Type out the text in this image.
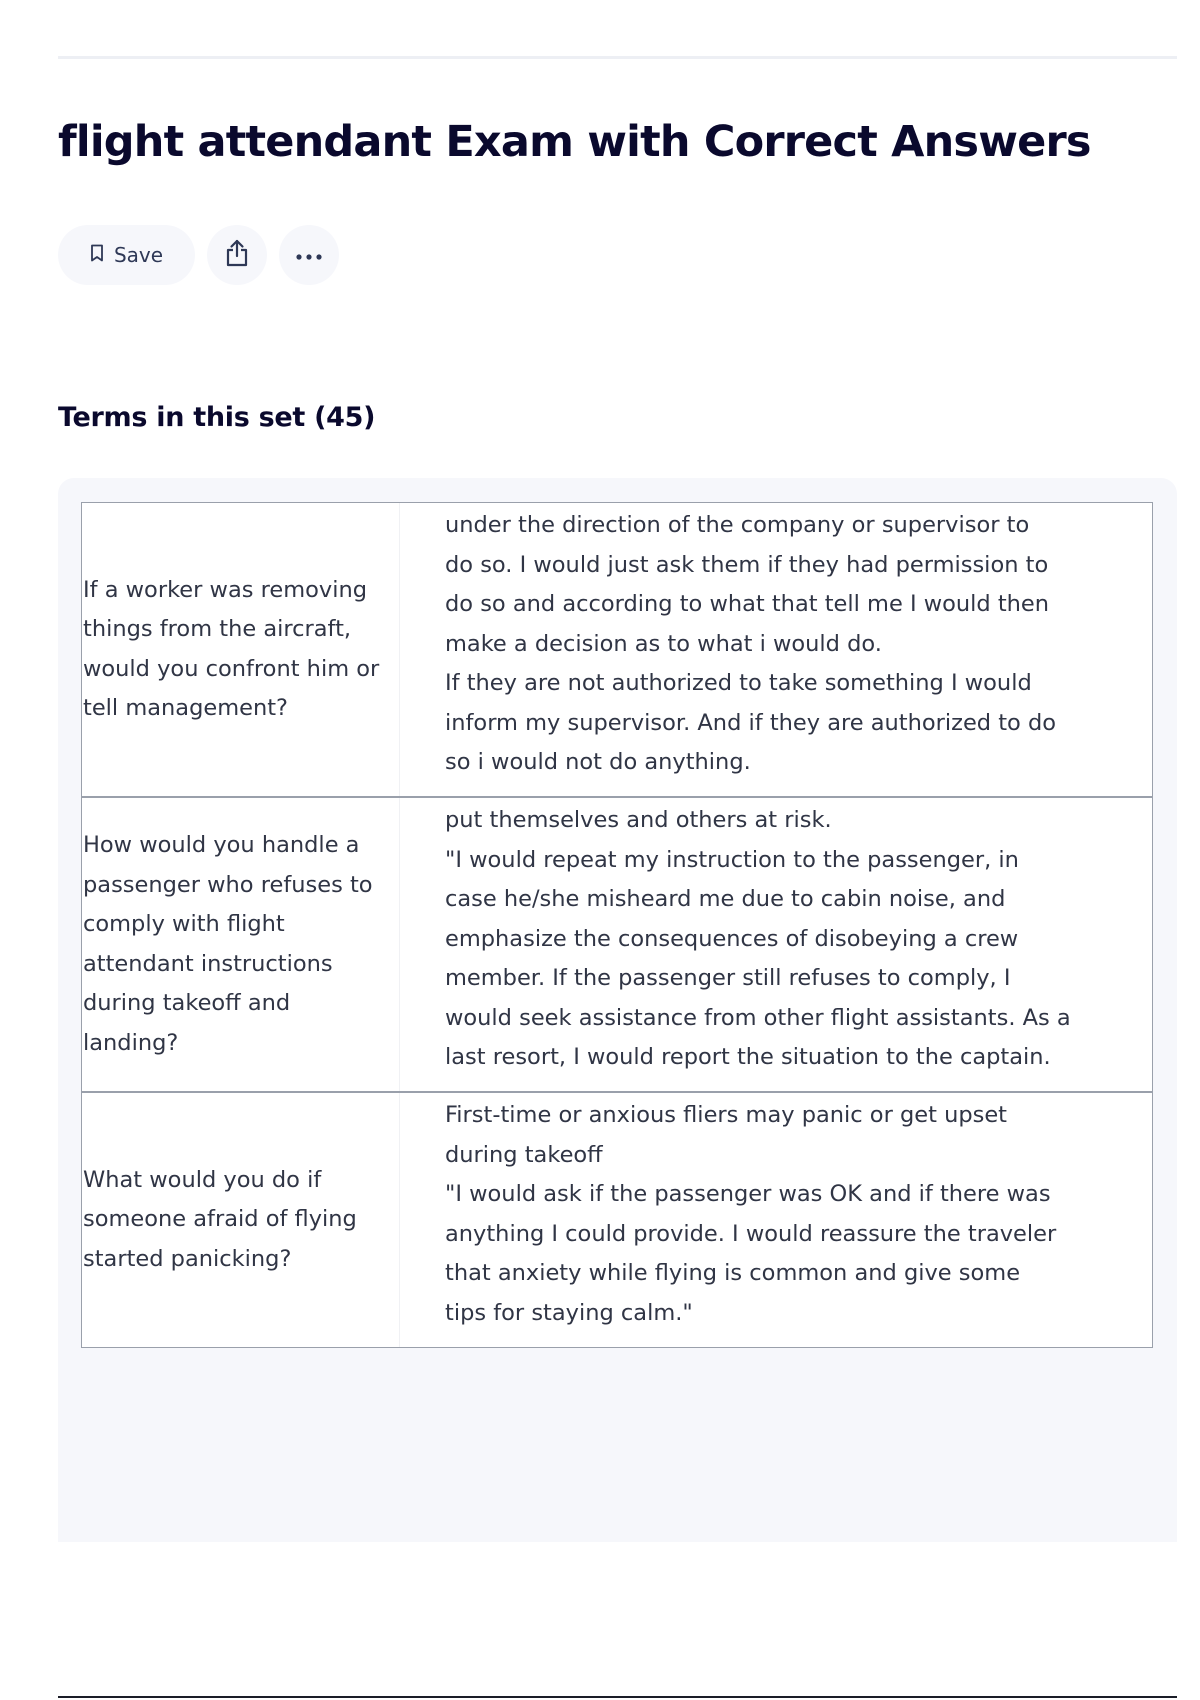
flight attendant Exam with Correct Answers
Save
Terms in this set (45)
If a worker was removing
things from the aircraft,
would you confront him or
tell management?
under the direction of the company or supervisor to
do so. I would just ask them if they had permission to
do so and according to what that tell me I would then
make a decision as to what i would do.
If they are not authorized to take something I would
inform my supervisor. And if they are authorized to do
so i would not do anything.
How would you handle a
passenger who refuses to
comply with flight
attendant instructions
during takeoff and
landing?
put themselves and others at risk.
"I would repeat my instruction to the passenger, in
case he/she misheard me due to cabin noise, and
emphasize the consequences of disobeying a crew
member. If the passenger still refuses to comply, I
would seek assistance from other flight assistants. As a
last resort, I would report the situation to the captain.
What would you do if
someone afraid of flying
started panicking?
First-time or anxious fliers may panic or get upset
during takeoff
"I would ask if the passenger was OK and if there was
anything I could provide. I would reassure the traveler
that anxiety while flying is common and give some
tips for staying calm."
